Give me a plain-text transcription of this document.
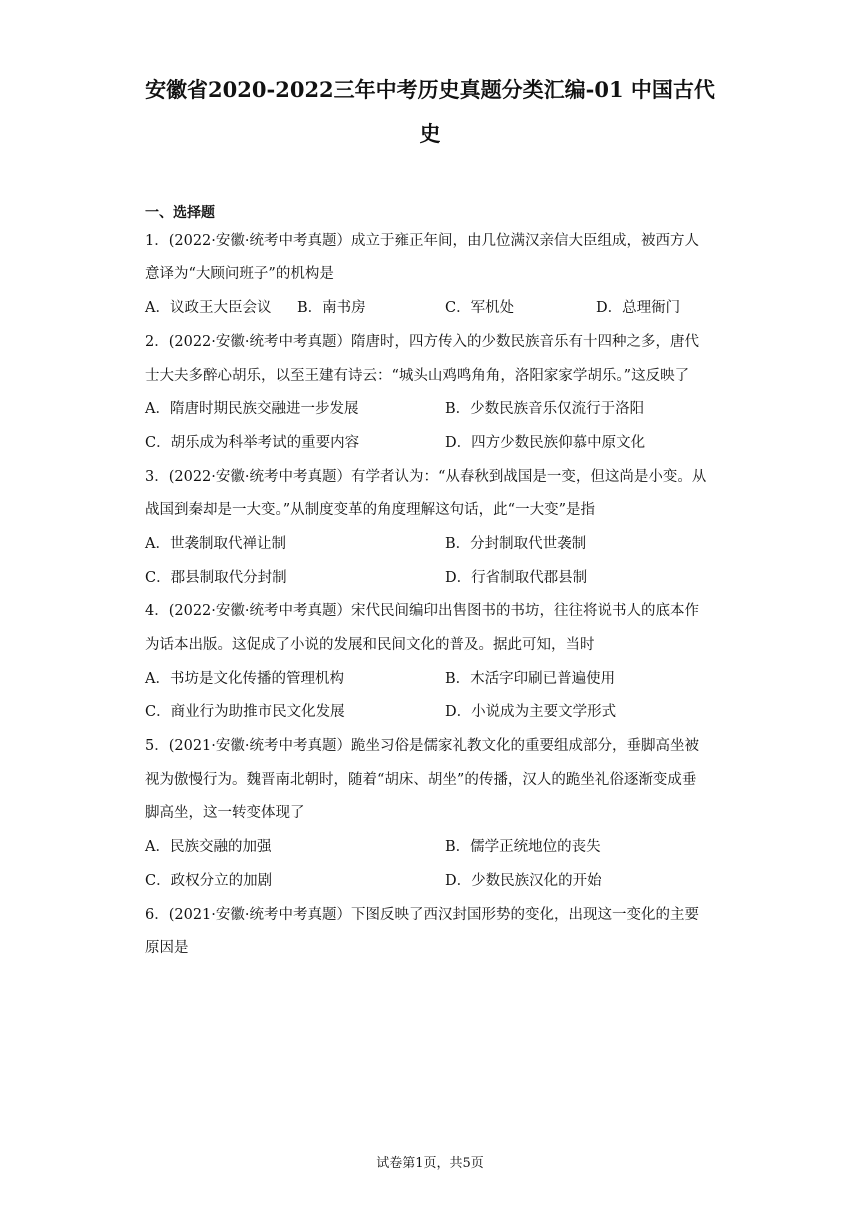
安徽省2020-2022三年中考历史真题分类汇编-01 中国古代
史
一、选择题
1．(2022·安徽·统考中考真题）成立于雍正年间，由几位满汉亲信大臣组成，被西方人
意译为“大顾问班子”的机构是
A．议政王大臣会议 B．南书房	C．军机处	D．总理衙门
2．(2022·安徽·统考中考真题）隋唐时，四方传入的少数民族音乐有十四种之多，唐代
士大夫多醉心胡乐，以至王建有诗云：“城头山鸡鸣角角，洛阳家家学胡乐。”这反映了
A．隋唐时期民族交融进一步发展	B．少数民族音乐仅流行于洛阳
C．胡乐成为科举考试的重要内容	D．四方少数民族仰慕中原文化
3．(2022·安徽·统考中考真题）有学者认为：“从春秋到战国是一变，但这尚是小变。从
战国到秦却是一大变。”从制度变革的角度理解这句话，此“一大变”是指
A．世袭制取代禅让制	B．分封制取代世袭制
C．郡县制取代分封制	D．行省制取代郡县制
4．(2022·安徽·统考中考真题）宋代民间编印出售图书的书坊，往往将说书人的底本作
为话本出版。这促成了小说的发展和民间文化的普及。据此可知，当时
A．书坊是文化传播的管理机构	B．木活字印刷已普遍使用
C．商业行为助推市民文化发展	D．小说成为主要文学形式
5．(2021·安徽·统考中考真题）跪坐习俗是儒家礼教文化的重要组成部分，垂脚高坐被
视为傲慢行为。魏晋南北朝时，随着“胡床、胡坐”的传播，汉人的跪坐礼俗逐渐变成垂
脚高坐，这一转变体现了
A．民族交融的加强	B．儒学正统地位的丧失
C．政权分立的加剧	D．少数民族汉化的开始
6．(2021·安徽·统考中考真题）下图反映了西汉封国形势的变化，出现这一变化的主要
原因是
试卷第1页，共5页
